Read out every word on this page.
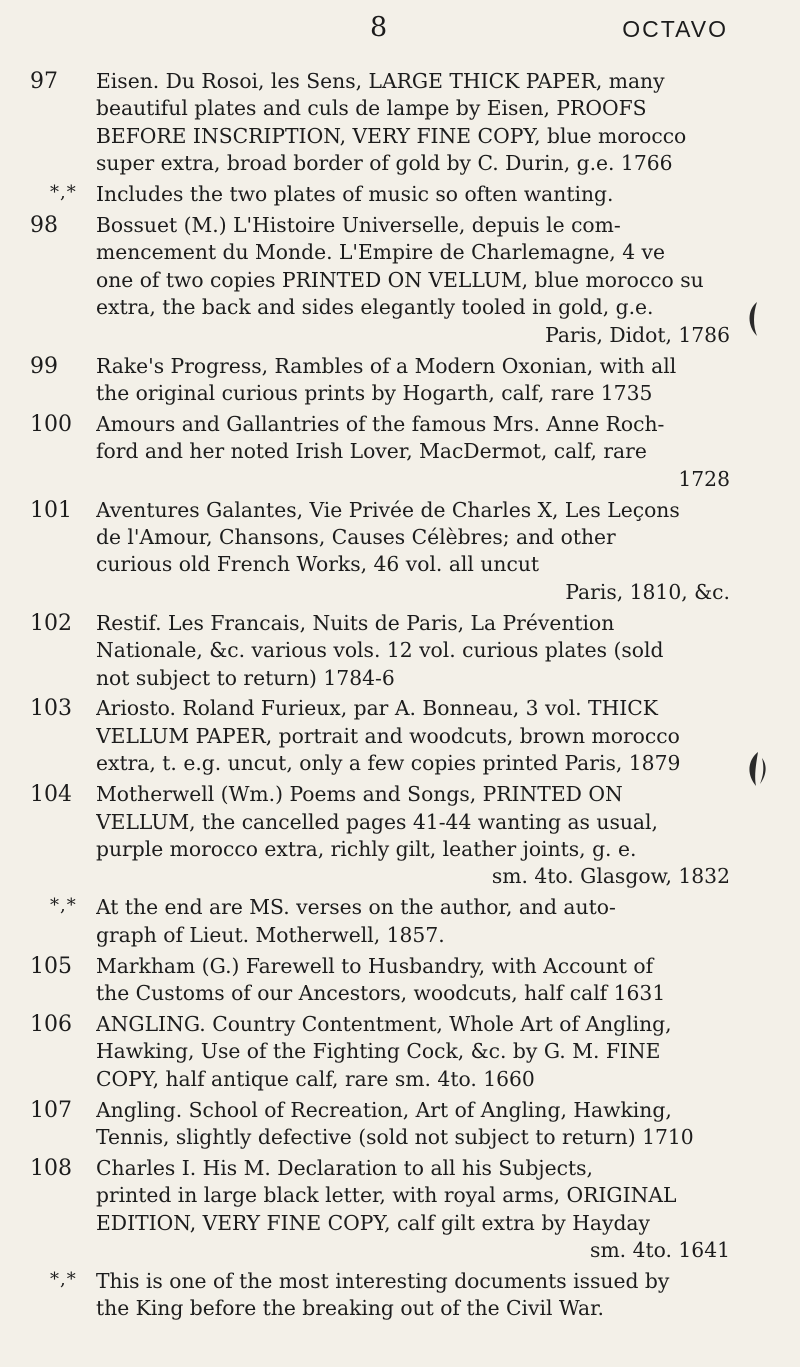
8	OCTAVO
97	Eisen. Du Rosoi, les Sens, LARGE THICK PAPER, many
beautiful plates and culs de lampe by Eisen, PROOFS
BEFORE INSCRIPTION, VERY FINE COPY, blue morocco
super extra, broad border of gold by C. Durin, g.e. 1766
*,* Includes the two plates of music so often wanting.
98	Bossuet (M.) L'Histoire Universelle, depuis le com-
mencement du Monde. L'Empire de Charlemagne, 4 ve
one of two copies PRINTED ON VELLUM, blue morocco su
extra, the back and sides elegantly tooled in gold, g.e.
Paris, Didot, 1786
99	Rake's Progress, Rambles of a Modern Oxonian, with all
the original curious prints by Hogarth, calf, rare 1735
100	Amours and Gallantries of the famous Mrs. Anne Roch-
ford and her noted Irish Lover, MacDermot, calf, rare
1728
101	Aventures Galantes, Vie Privée de Charles X, Les Leçons
de l'Amour, Chansons, Causes Célèbres; and other
curious old French Works, 46 vol. all uncut
Paris, 1810, &c.
102	Restif. Les Francais, Nuits de Paris, La Prévention
Nationale, &c. various vols. 12 vol. curious plates (sold
not subject to return) 1784-6
103	Ariosto. Roland Furieux, par A. Bonneau, 3 vol. THICK
VELLUM PAPER, portrait and woodcuts, brown morocco
extra, t. e.g. uncut, only a few copies printed Paris, 1879
104	Motherwell (Wm.) Poems and Songs, PRINTED ON
VELLUM, the cancelled pages 41-44 wanting as usual,
purple morocco extra, richly gilt, leather joints, g. e.
sm. 4to. Glasgow, 1832
*,* At the end are MS. verses on the author, and auto-
graph of Lieut. Motherwell, 1857.
105	Markham (G.) Farewell to Husbandry, with Account of
the Customs of our Ancestors, woodcuts, half calf 1631
106	ANGLING. Country Contentment, Whole Art of Angling,
Hawking, Use of the Fighting Cock, &c. by G. M. FINE
COPY, half antique calf, rare sm. 4to. 1660
107	Angling. School of Recreation, Art of Angling, Hawking,
Tennis, slightly defective (sold not subject to return) 1710
108	Charles I. His M. Declaration to all his Subjects,
printed in large black letter, with royal arms, ORIGINAL
EDITION, VERY FINE COPY, calf gilt extra by Hayday
sm. 4to. 1641
*,* This is one of the most interesting documents issued by
the King before the breaking out of the Civil War.
